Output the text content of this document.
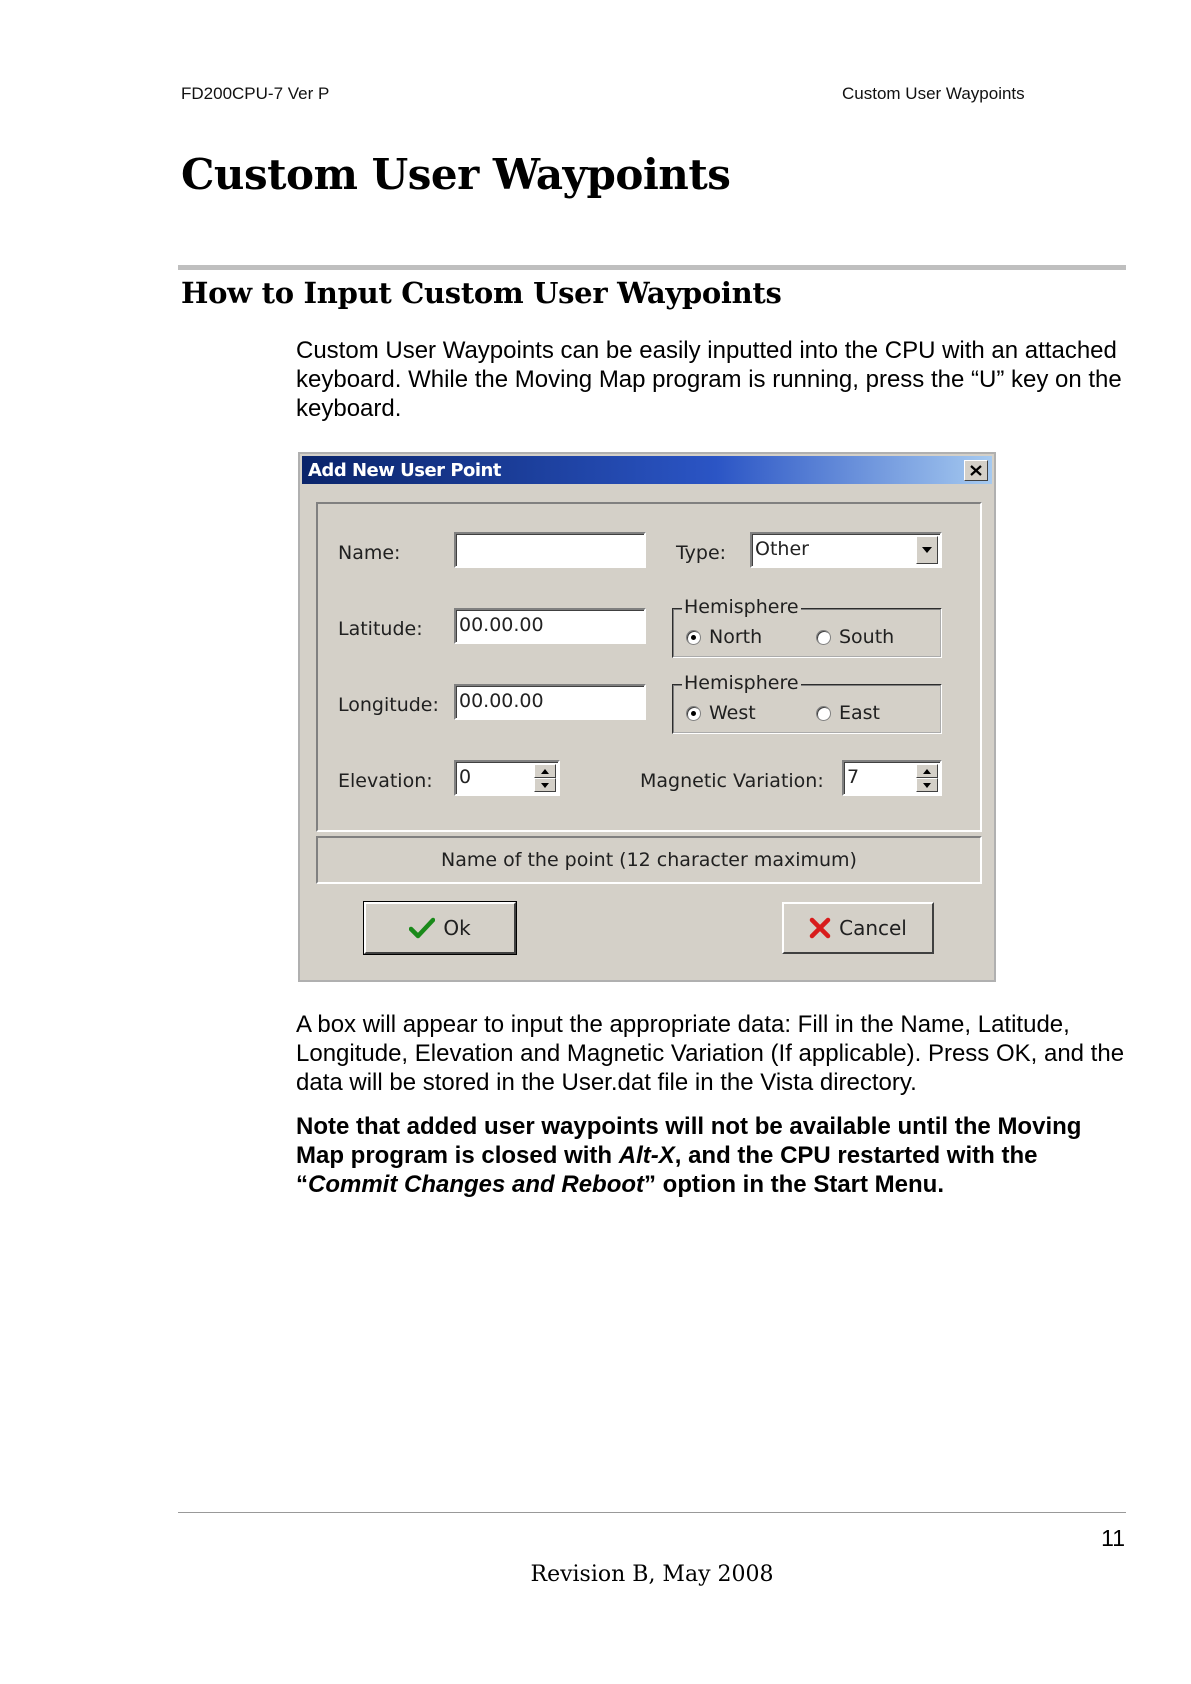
FD200CPU-7 Ver P	Custom User Waypoints
Custom User Waypoints
How to Input Custom User Waypoints

Custom User Waypoints can be easily inputted into the CPU with an attached keyboard. While the Moving Map program is running, press the “U” key on the keyboard.

Add New User Point
Name:	Type: Other
Latitude: 00.00.00
Hemisphere
North	South
Longitude: 00.00.00
Hemisphere
West	East
Elevation: 0	Magnetic Variation: 7
Name of the point (12 character maximum)
Ok	Cancel

A box will appear to input the appropriate data: Fill in the Name, Latitude, Longitude, Elevation and Magnetic Variation (If applicable). Press OK, and the data will be stored in the User.dat file in the Vista directory.

Note that added user waypoints will not be available until the Moving Map program is closed with Alt-X, and the CPU restarted with the “Commit Changes and Reboot” option in the Start Menu.

11
Revision B, May 2008
